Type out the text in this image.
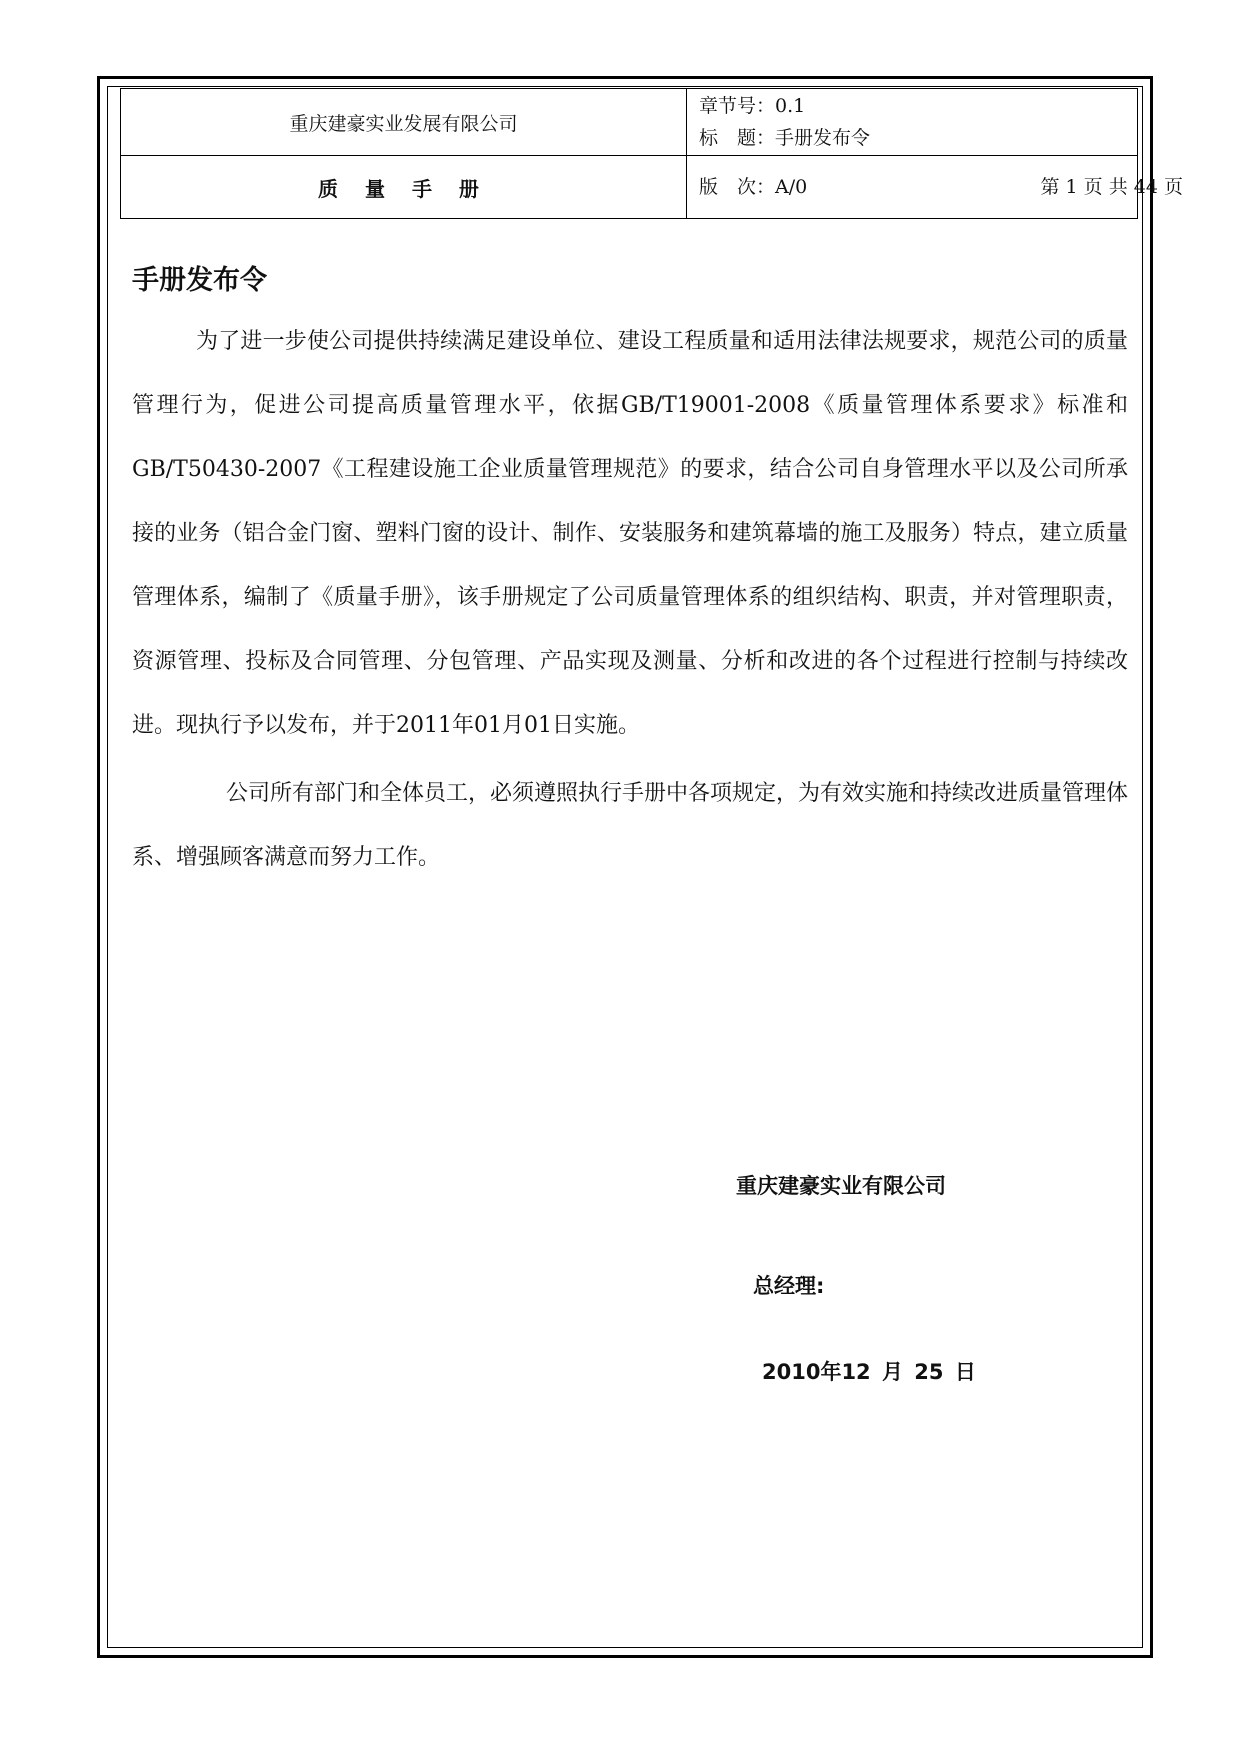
重庆建豪实业发展有限公司	章节号：0.1
标　题：手册发布令

质 量 手 册	版　次：A/0 第 1 页 共 44 页
手册发布令

为了进一步使公司提供持续满足建设单位、建设工程质量和适用法律法规要求，规范公司的质量管理行为，促进公司提高质量管理水平，依据GB/T19001-2008《质量管理体系要求》标准和GB/T50430-2007《工程建设施工企业质量管理规范》的要求，结合公司自身管理水平以及公司所承接的业务（铝合金门窗、塑料门窗的设计、制作、安装服务和建筑幕墙的施工及服务）特点，建立质量管理体系，编制了《质量手册》，该手册规定了公司质量管理体系的组织结构、职责，并对管理职责，资源管理、投标及合同管理、分包管理、产品实现及测量、分析和改进的各个过程进行控制与持续改进。现执行予以发布，并于2011年01月01日实施。

公司所有部门和全体员工，必须遵照执行手册中各项规定，为有效实施和持续改进质量管理体系、增强顾客满意而努力工作。

重庆建豪实业有限公司
总经理:
2010年12 月 25 日
